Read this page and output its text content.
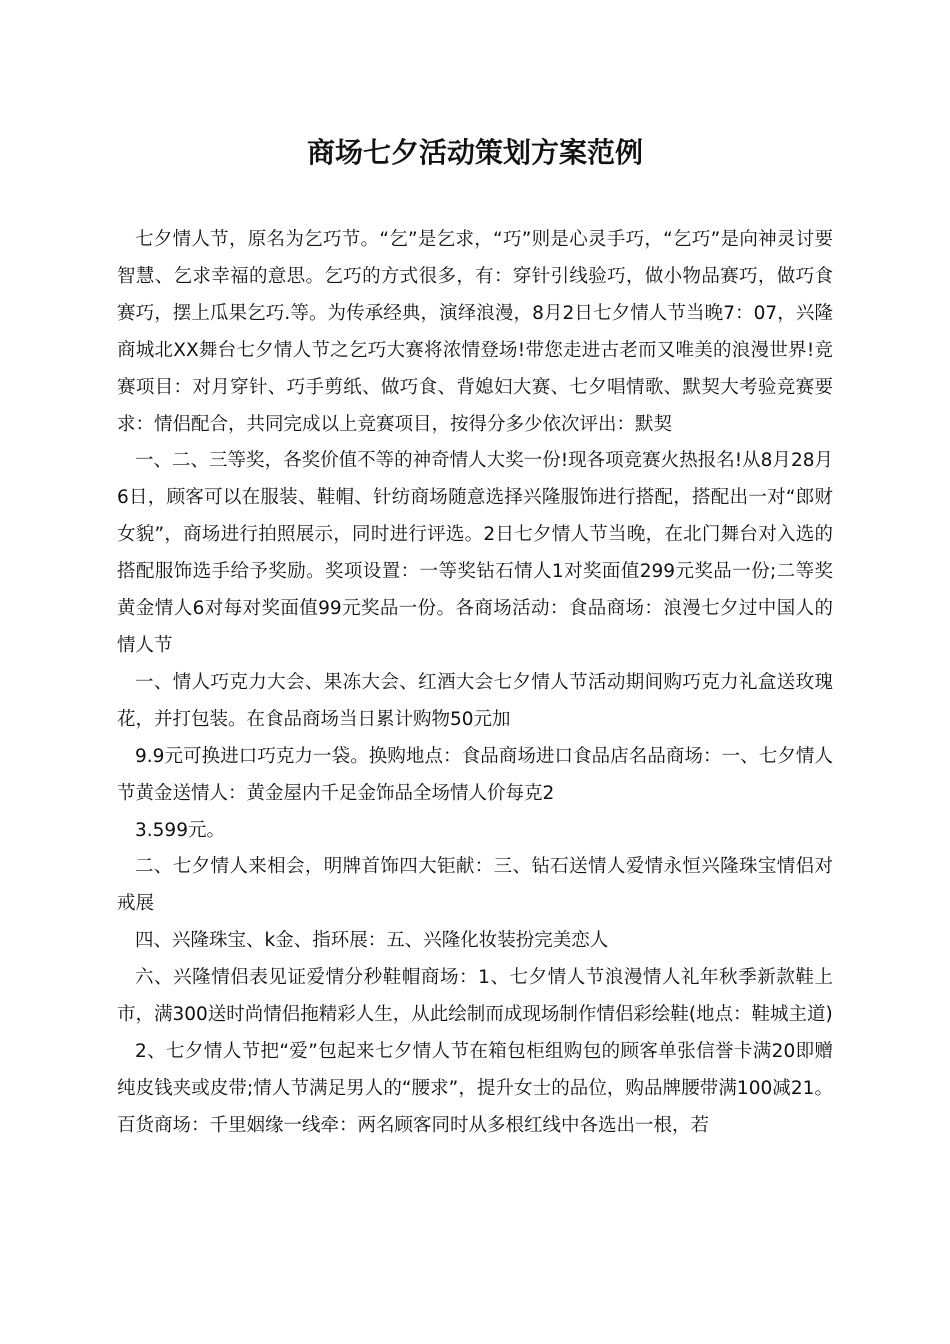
商场七夕活动策划方案范例

七夕情人节，原名为乞巧节。“乞”是乞求，“巧”则是心灵手巧，“乞巧”是向神灵讨要智慧、乞求幸福的意思。乞巧的方式很多，有：穿针引线验巧，做小物品赛巧，做巧食赛巧，摆上瓜果乞巧.等。为传承经典，演绎浪漫，8月2日七夕情人节当晚7：07，兴隆商城北XX舞台七夕情人节之乞巧大赛将浓情登场!带您走进古老而又唯美的浪漫世界!竞赛项目：对月穿针、巧手剪纸、做巧食、背媳妇大赛、七夕唱情歌、默契大考验竞赛要求：情侣配合，共同完成以上竞赛项目，按得分多少依次评出：默契

一、二、三等奖，各奖价值不等的神奇情人大奖一份!现各项竞赛火热报名!从8月28月6日，顾客可以在服装、鞋帽、针纺商场随意选择兴隆服饰进行搭配，搭配出一对“郎财女貌”，商场进行拍照展示，同时进行评选。2日七夕情人节当晚，在北门舞台对入选的搭配服饰选手给予奖励。奖项设置：一等奖钻石情人1对奖面值299元奖品一份;二等奖黄金情人6对每对奖面值99元奖品一份。各商场活动：食品商场：浪漫七夕过中国人的情人节

一、情人巧克力大会、果冻大会、红酒大会七夕情人节活动期间购巧克力礼盒送玫瑰花，并打包装。在食品商场当日累计购物50元加

9.9元可换进口巧克力一袋。换购地点：食品商场进口食品店名品商场：一、七夕情人节黄金送情人：黄金屋内千足金饰品全场情人价每克2

3.599元。

二、七夕情人来相会，明牌首饰四大钜献：三、钻石送情人爱情永恒兴隆珠宝情侣对戒展

四、兴隆珠宝、k金、指环展：五、兴隆化妆装扮完美恋人

六、兴隆情侣表见证爱情分秒鞋帽商场：1、七夕情人节浪漫情人礼年秋季新款鞋上市，满300送时尚情侣拖精彩人生，从此绘制而成现场制作情侣彩绘鞋(地点：鞋城主道)

2、七夕情人节把“爱”包起来七夕情人节在箱包柜组购包的顾客单张信誉卡满20即赠纯皮钱夹或皮带;情人节满足男人的“腰求”，提升女士的品位，购品牌腰带满100减21。百货商场：千里姻缘一线牵：两名顾客同时从多根红线中各选出一根，若
